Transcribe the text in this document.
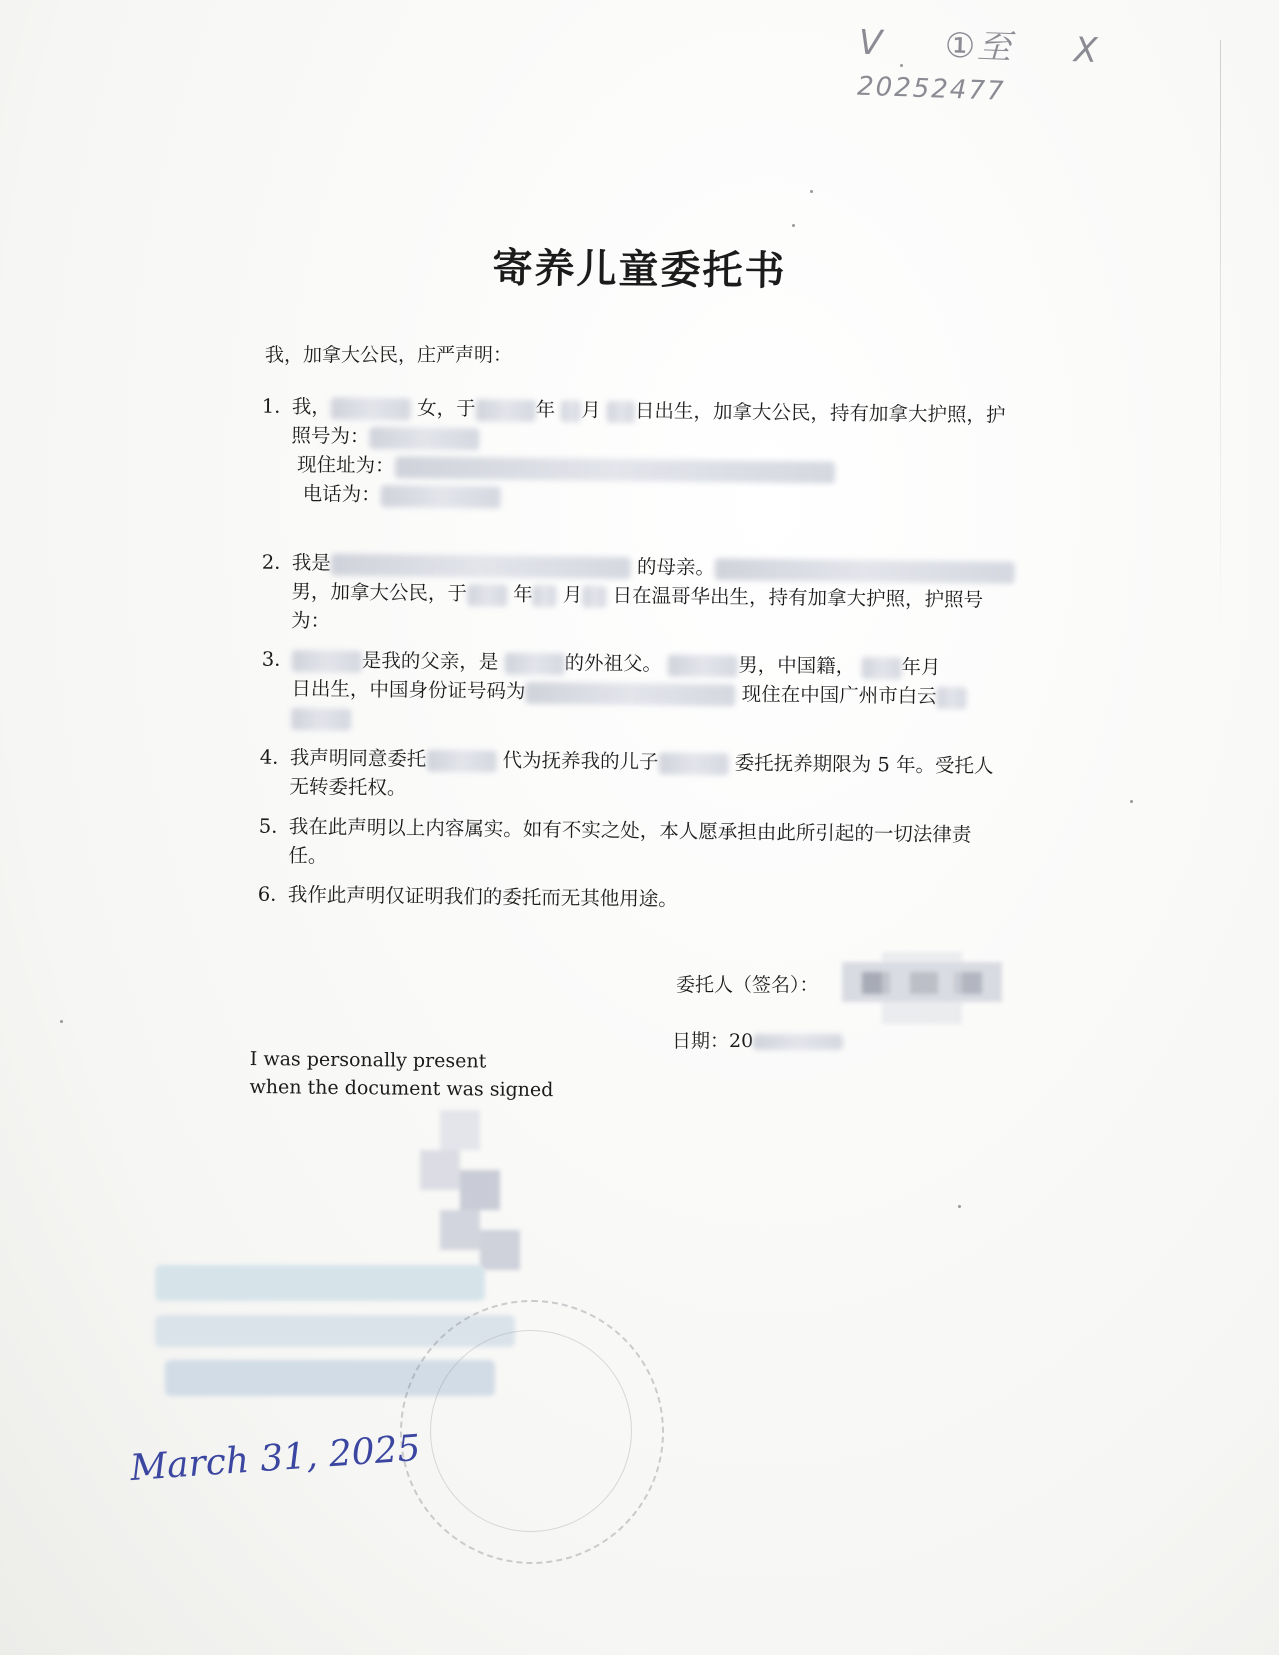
V ①至 X 20252477
寄养儿童委托书
我，加拿大公民，庄严声明：
1. 我，	女，于	年 月 日出生，加拿大公民，持有加拿大护照，护
照号为：
现住址为：
电话为：
2. 我是	的母亲。
男，加拿大公民，于 年 月 日在温哥华出生，持有加拿大护照，护照号
为：
3.	是我的父亲，是	的外祖父。	男，中国籍， 年月
日出生，中国身份证号码为	现住在中国广州市白云
4. 我声明同意委托	代为抚养我的儿子	委托抚养期限为 5 年。受托人
无转委托权。
5. 我在此声明以上内容属实。如有不实之处，本人愿承担由此所引起的一切法律责
任。
6. 我作此声明仅证明我们的委托而无其他用途。
委托人（签名）：
日期：20
I was personally present
when the document was signed
March 31, 2025
